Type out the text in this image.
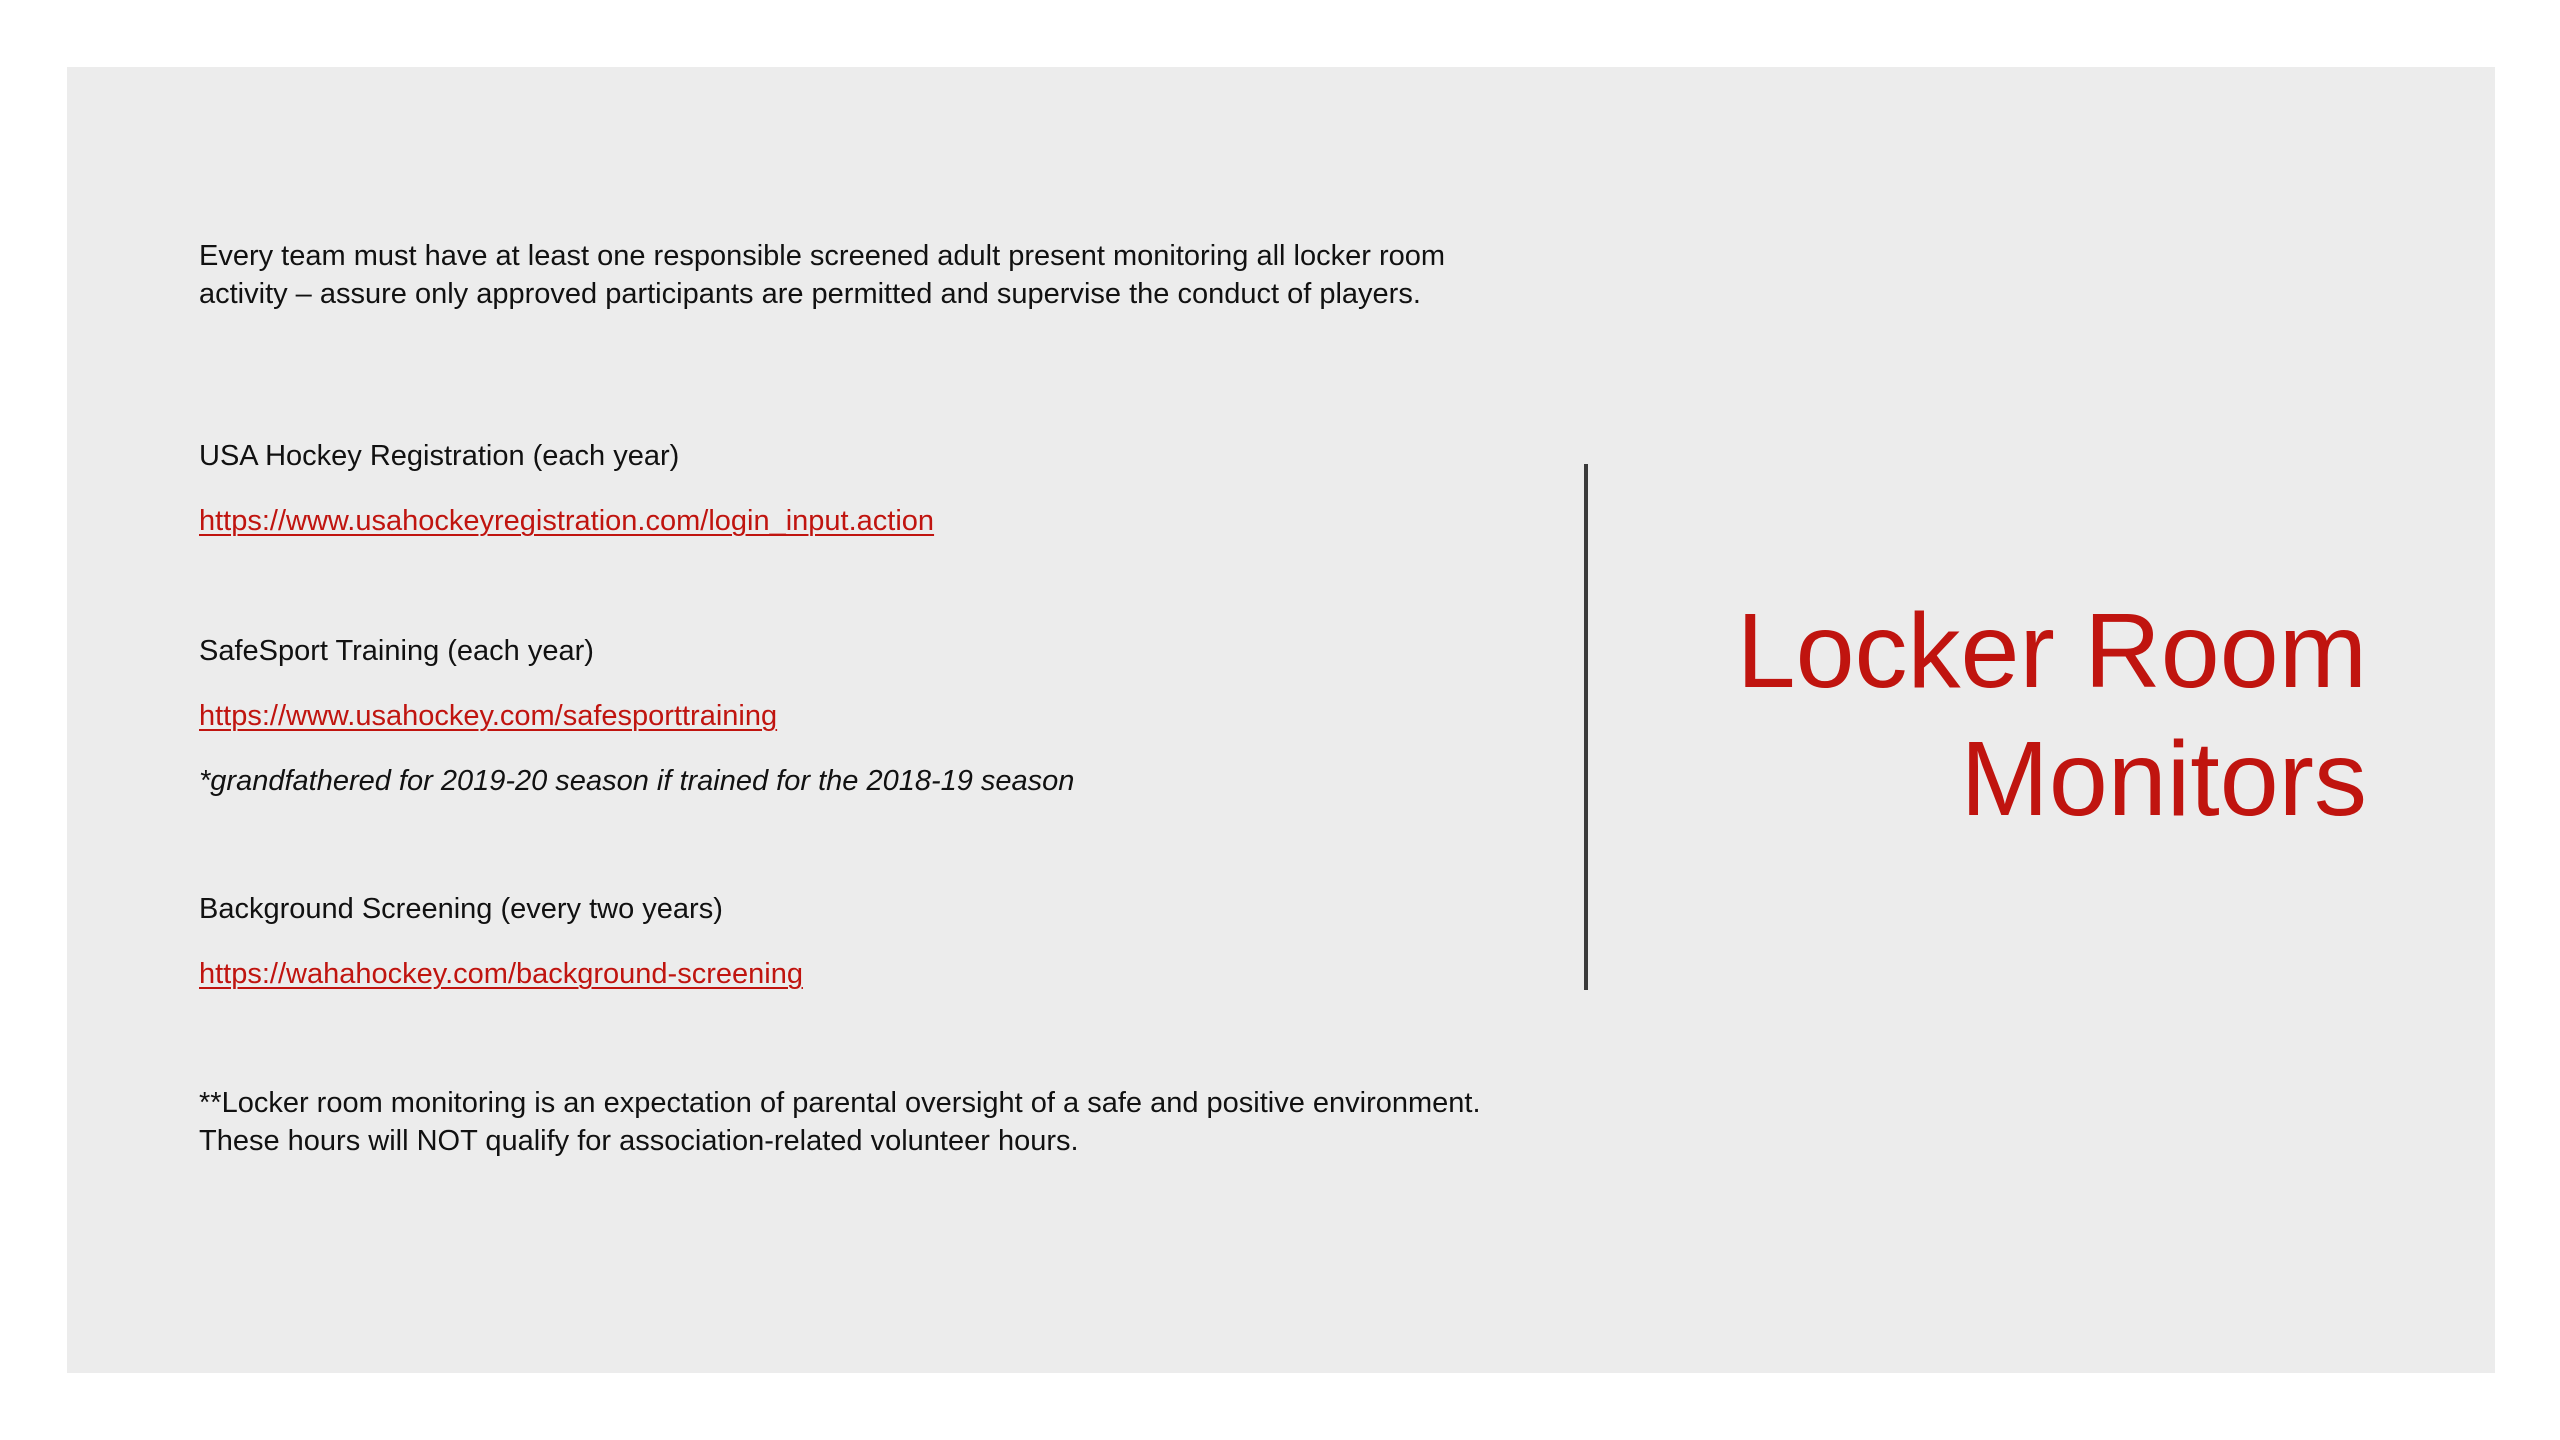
Every team must have at least one responsible screened adult present monitoring all locker room activity – assure only approved participants are permitted and supervise the conduct of players.

USA Hockey Registration (each year)

https://www.usahockeyregistration.com/login_input.action

SafeSport Training (each year)

https://www.usahockey.com/safesporttraining

*grandfathered for 2019-20 season if trained for the 2018-19 season

Background Screening (every two years)

https://wahahockey.com/background-screening

**Locker room monitoring is an expectation of parental oversight of a safe and positive environment. These hours will NOT qualify for association-related volunteer hours.

Locker Room
Monitors
